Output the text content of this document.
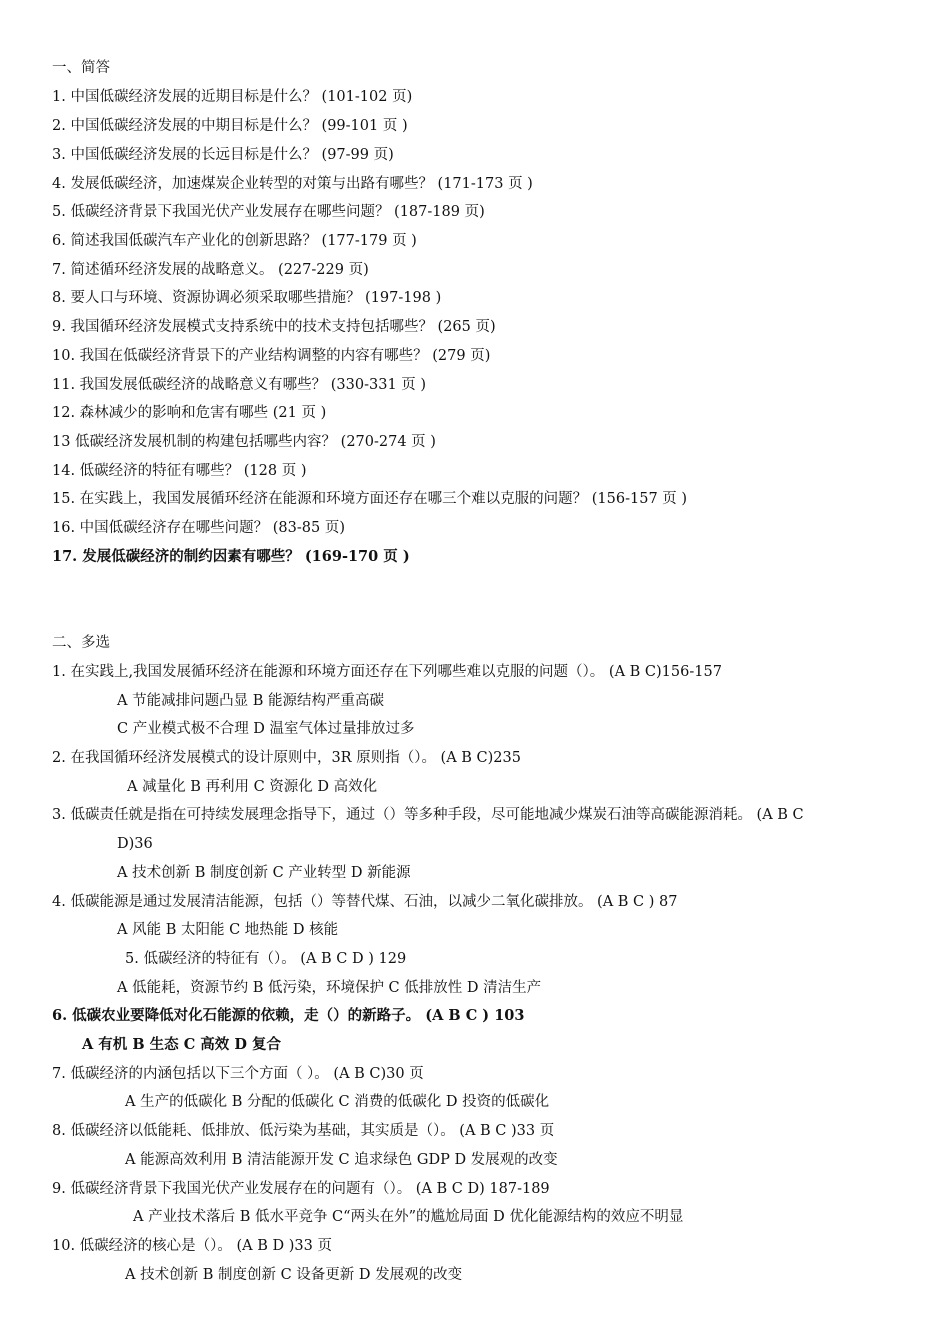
一、简答
1. 中国低碳经济发展的近期目标是什么？ (101-102 页)
2. 中国低碳经济发展的中期目标是什么？ (99-101 页 )
3. 中国低碳经济发展的长远目标是什么？ (97-99 页)
4. 发展低碳经济，加速煤炭企业转型的对策与出路有哪些？ (171-173 页 )
5. 低碳经济背景下我国光伏产业发展存在哪些问题？ (187-189 页)
6. 简述我国低碳汽车产业化的创新思路？ (177-179 页 )
7. 简述循环经济发展的战略意义。 (227-229 页)
8. 要人口与环境、资源协调必须采取哪些措施？ (197-198 )
9. 我国循环经济发展模式支持系统中的技术支持包括哪些？ (265 页)
10. 我国在低碳经济背景下的产业结构调整的内容有哪些？ (279 页)
11. 我国发展低碳经济的战略意义有哪些？ (330-331 页 )
12. 森林减少的影响和危害有哪些 (21 页 )
13 低碳经济发展机制的构建包括哪些内容？ (270-274 页 )
14. 低碳经济的特征有哪些？ (128 页 )
15. 在实践上，我国发展循环经济在能源和环境方面还存在哪三个难以克服的问题？ (156-157 页 )
16. 中国低碳经济存在哪些问题？ (83-85 页)
17. 发展低碳经济的制约因素有哪些？ (169-170 页 )
二、多选
1. 在实践上,我国发展循环经济在能源和环境方面还存在下列哪些难以克服的问题（）。 (A B C)156-157
A 节能减排问题凸显 B 能源结构严重高碳
C 产业模式极不合理 D 温室气体过量排放过多
2. 在我国循环经济发展模式的设计原则中，3R 原则指（）。 (A B C)235
A 减量化 B 再利用 C 资源化 D 高效化
3. 低碳责任就是指在可持续发展理念指导下，通过（）等多种手段，尽可能地减少煤炭石油等高碳能源消耗。 (A B C
D)36
A 技术创新 B 制度创新 C 产业转型 D 新能源
4. 低碳能源是通过发展清洁能源，包括（）等替代煤、石油，以减少二氧化碳排放。 (A B C ) 87
A 风能 B 太阳能 C 地热能 D 核能
5. 低碳经济的特征有（）。 (A B C D ) 129
A 低能耗，资源节约 B 低污染，环境保护 C 低排放性 D 清洁生产
6. 低碳农业要降低对化石能源的依赖，走（）的新路子。 (A B C ) 103
A 有机 B 生态 C 高效 D 复合
7. 低碳经济的内涵包括以下三个方面（ ）。 (A B C)30 页
A 生产的低碳化 B 分配的低碳化 C 消费的低碳化 D 投资的低碳化
8. 低碳经济以低能耗、低排放、低污染为基础，其实质是（）。 (A B C )33 页
A 能源高效利用 B 清洁能源开发 C 追求绿色 GDP D 发展观的改变
9. 低碳经济背景下我国光伏产业发展存在的问题有（）。 (A B C D) 187-189
A 产业技术落后 B 低水平竞争 C“两头在外”的尴尬局面 D 优化能源结构的效应不明显
10. 低碳经济的核心是（）。 (A B D )33 页
A 技术创新 B 制度创新 C 设备更新 D 发展观的改变
